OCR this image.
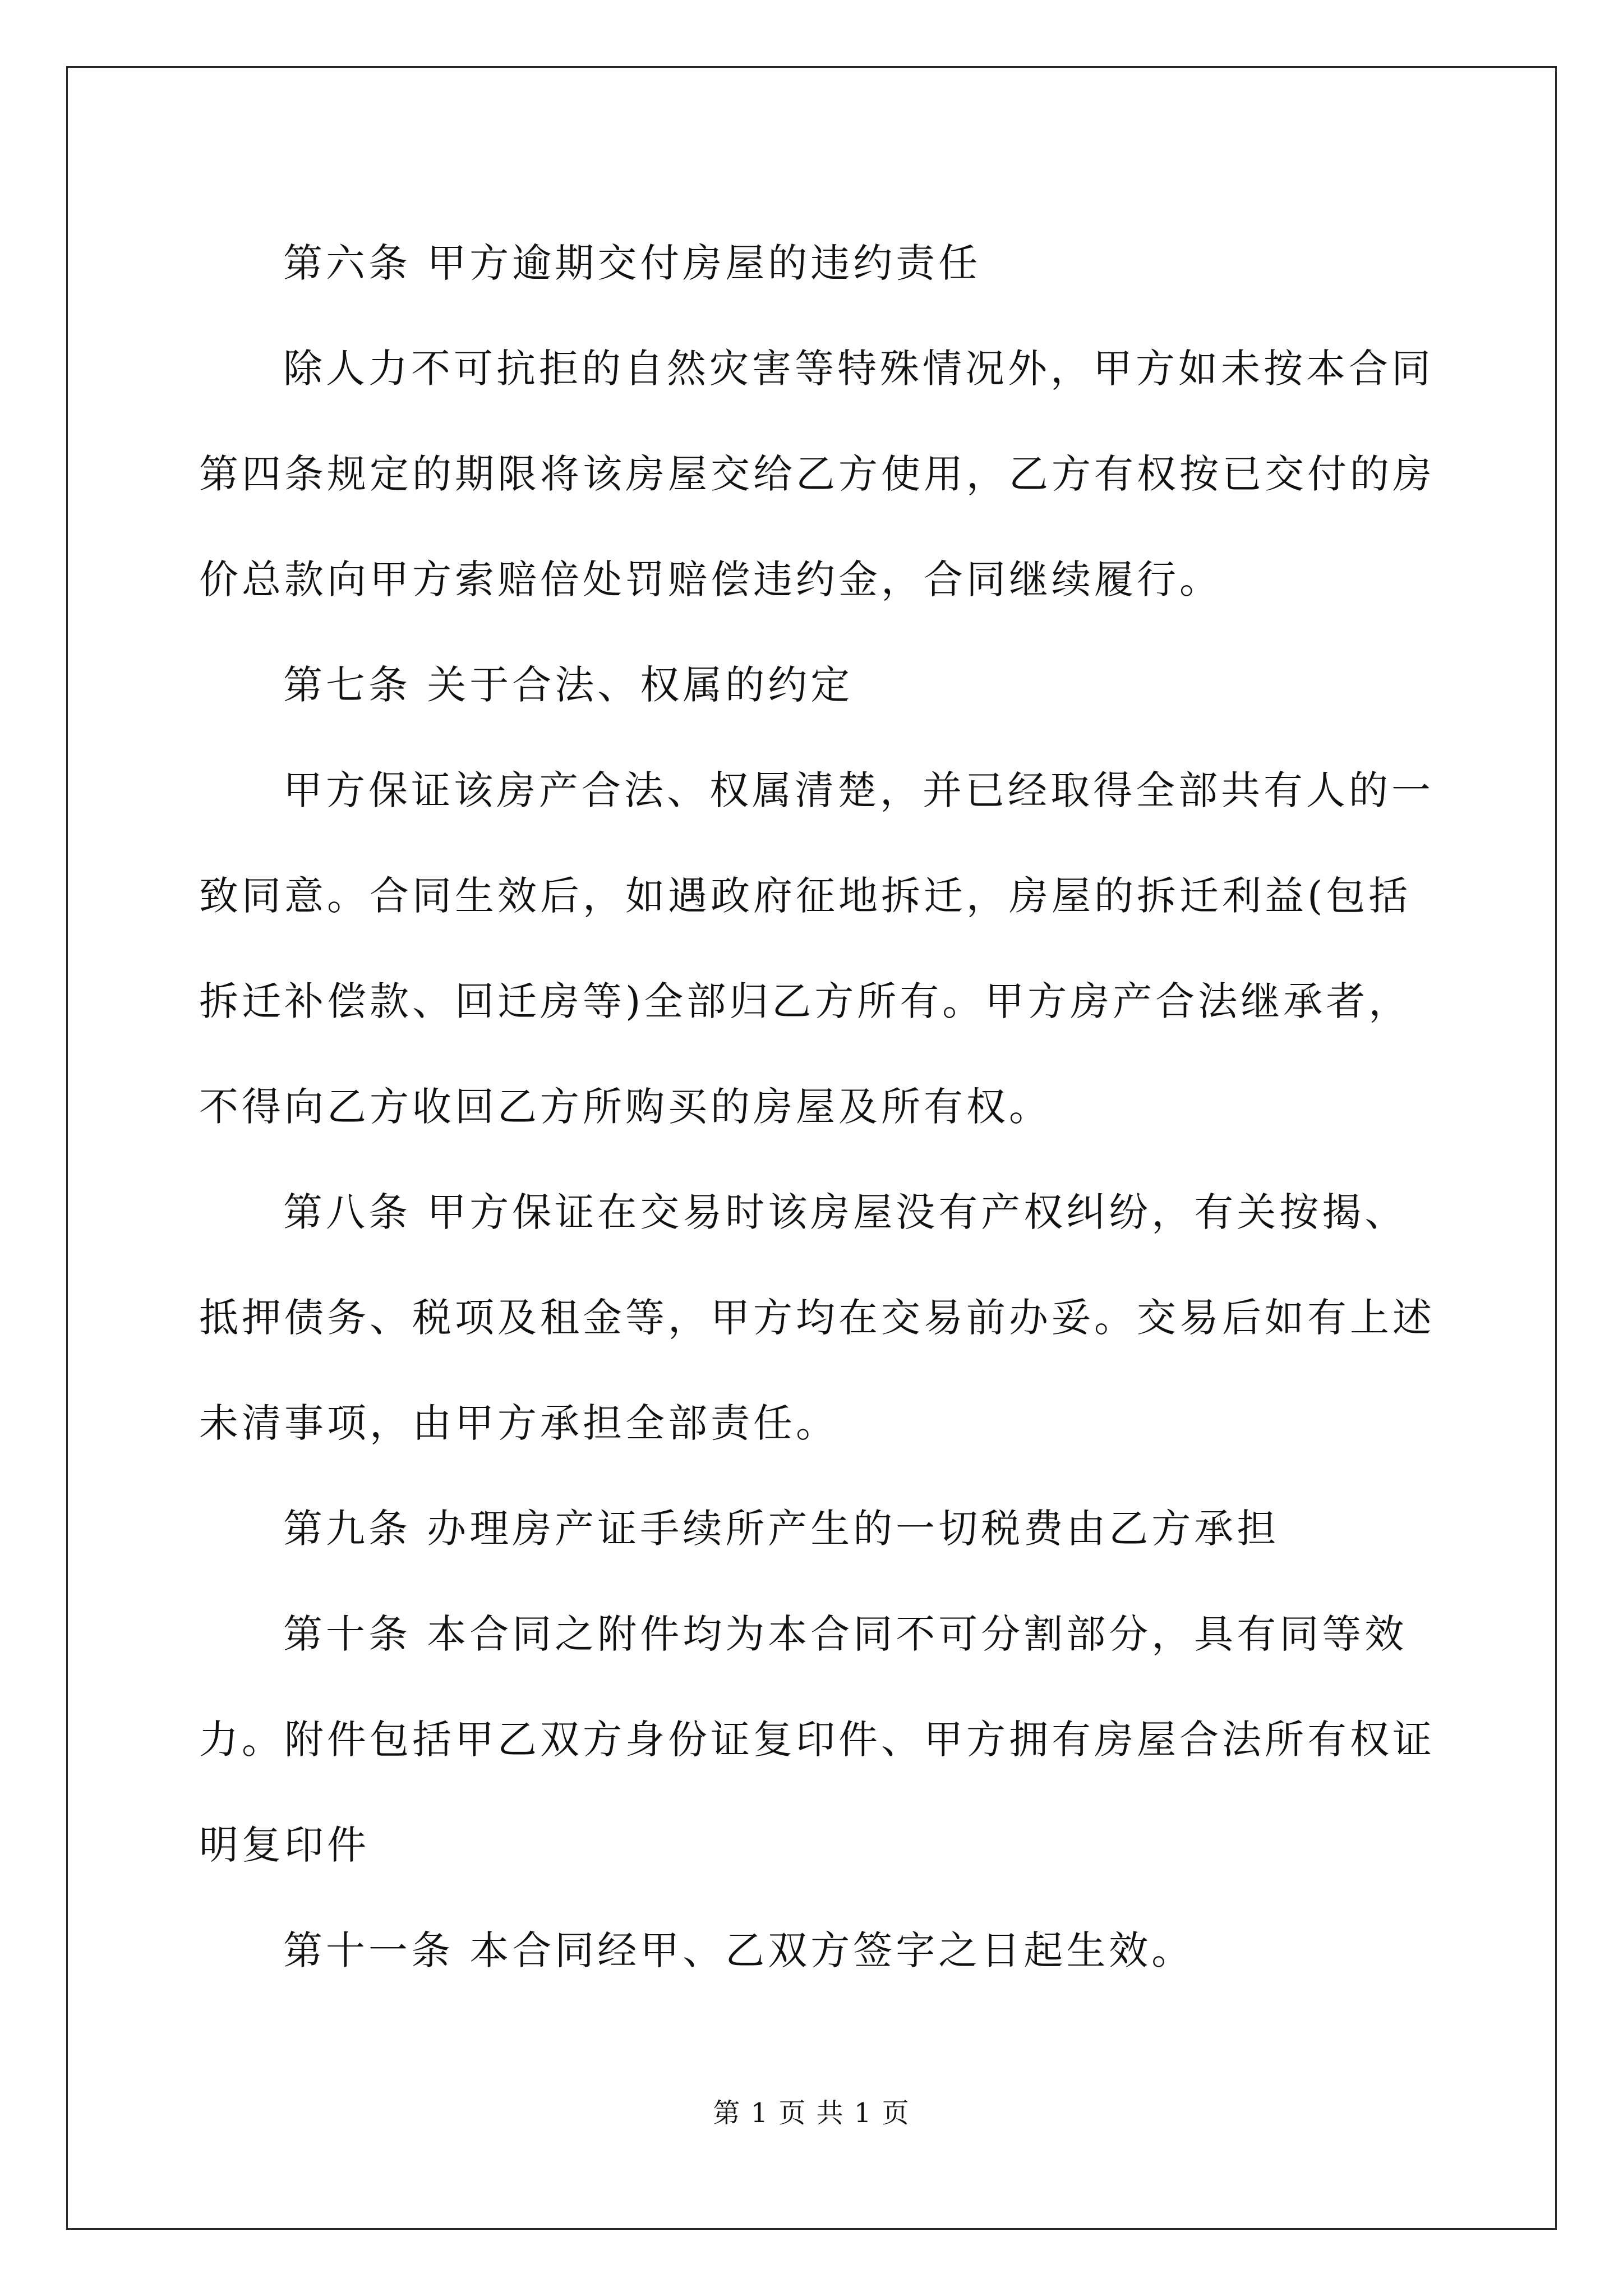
第六条 甲方逾期交付房屋的违约责任

除人力不可抗拒的自然灾害等特殊情况外，甲方如未按本合同第四条规定的期限将该房屋交给乙方使用，乙方有权按已交付的房价总款向甲方索赔倍处罚赔偿违约金，合同继续履行。

第七条 关于合法、权属的约定

甲方保证该房产合法、权属清楚，并已经取得全部共有人的一致同意。合同生效后，如遇政府征地拆迁，房屋的拆迁利益(包括拆迁补偿款、回迁房等)全部归乙方所有。甲方房产合法继承者，不得向乙方收回乙方所购买的房屋及所有权。

第八条 甲方保证在交易时该房屋没有产权纠纷，有关按揭、抵押债务、税项及租金等，甲方均在交易前办妥。交易后如有上述未清事项，由甲方承担全部责任。

第九条 办理房产证手续所产生的一切税费由乙方承担

第十条 本合同之附件均为本合同不可分割部分，具有同等效力。附件包括甲乙双方身份证复印件、甲方拥有房屋合法所有权证明复印件

第十一条 本合同经甲、乙双方签字之日起生效。

第 1 页 共 1 页
